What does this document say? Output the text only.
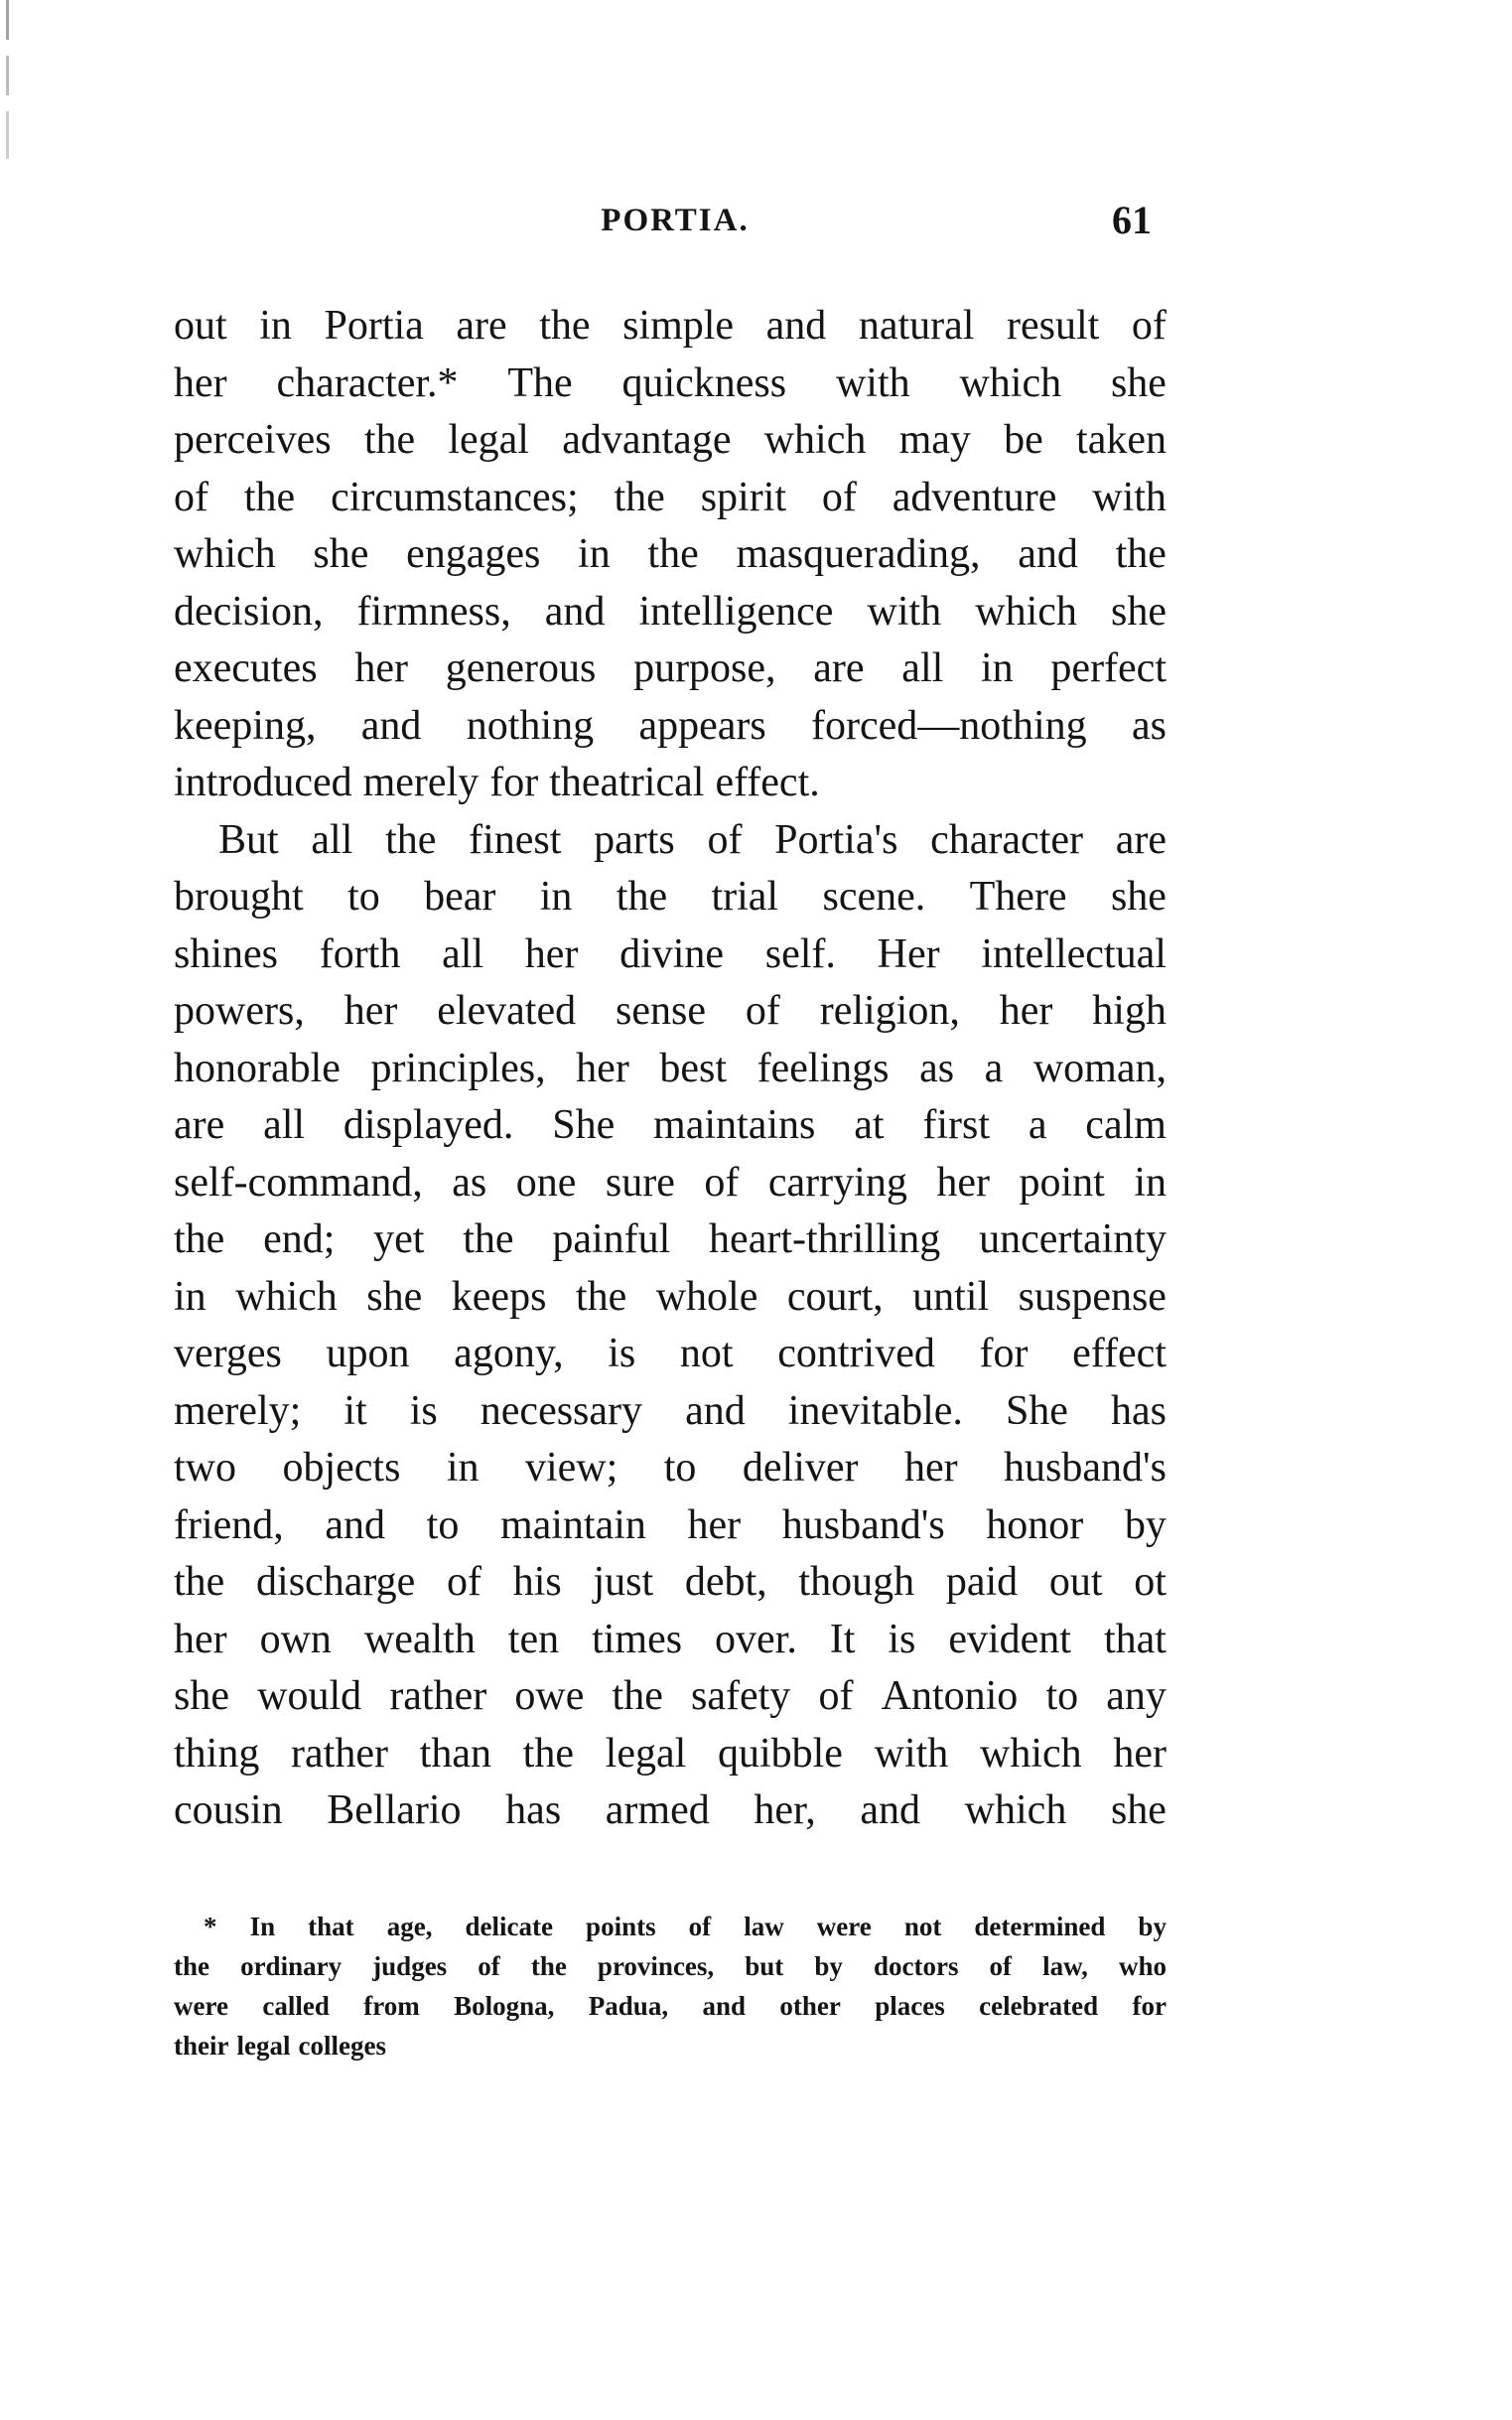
PORTIA.	61
out in Portia are the simple and natural result of
her character.* The quickness with which she
perceives the legal advantage which may be taken
of the circumstances; the spirit of adventure with
which she engages in the masquerading, and the
decision, firmness, and intelligence with which she
executes her generous purpose, are all in perfect
keeping, and nothing appears forced—nothing as
introduced merely for theatrical effect.
But all the finest parts of Portia's character are
brought to bear in the trial scene. There she
shines forth all her divine self. Her intellectual
powers, her elevated sense of religion, her high
honorable principles, her best feelings as a woman,
are all displayed. She maintains at first a calm
self-command, as one sure of carrying her point in
the end; yet the painful heart-thrilling uncertainty
in which she keeps the whole court, until suspense
verges upon agony, is not contrived for effect
merely; it is necessary and inevitable. She has
two objects in view; to deliver her husband's
friend, and to maintain her husband's honor by
the discharge of his just debt, though paid out ot
her own wealth ten times over. It is evident that
she would rather owe the safety of Antonio to any
thing rather than the legal quibble with which her
cousin Bellario has armed her, and which she
* In that age, delicate points of law were not determined by
the ordinary judges of the provinces, but by doctors of law, who
were called from Bologna, Padua, and other places celebrated for
their legal colleges
